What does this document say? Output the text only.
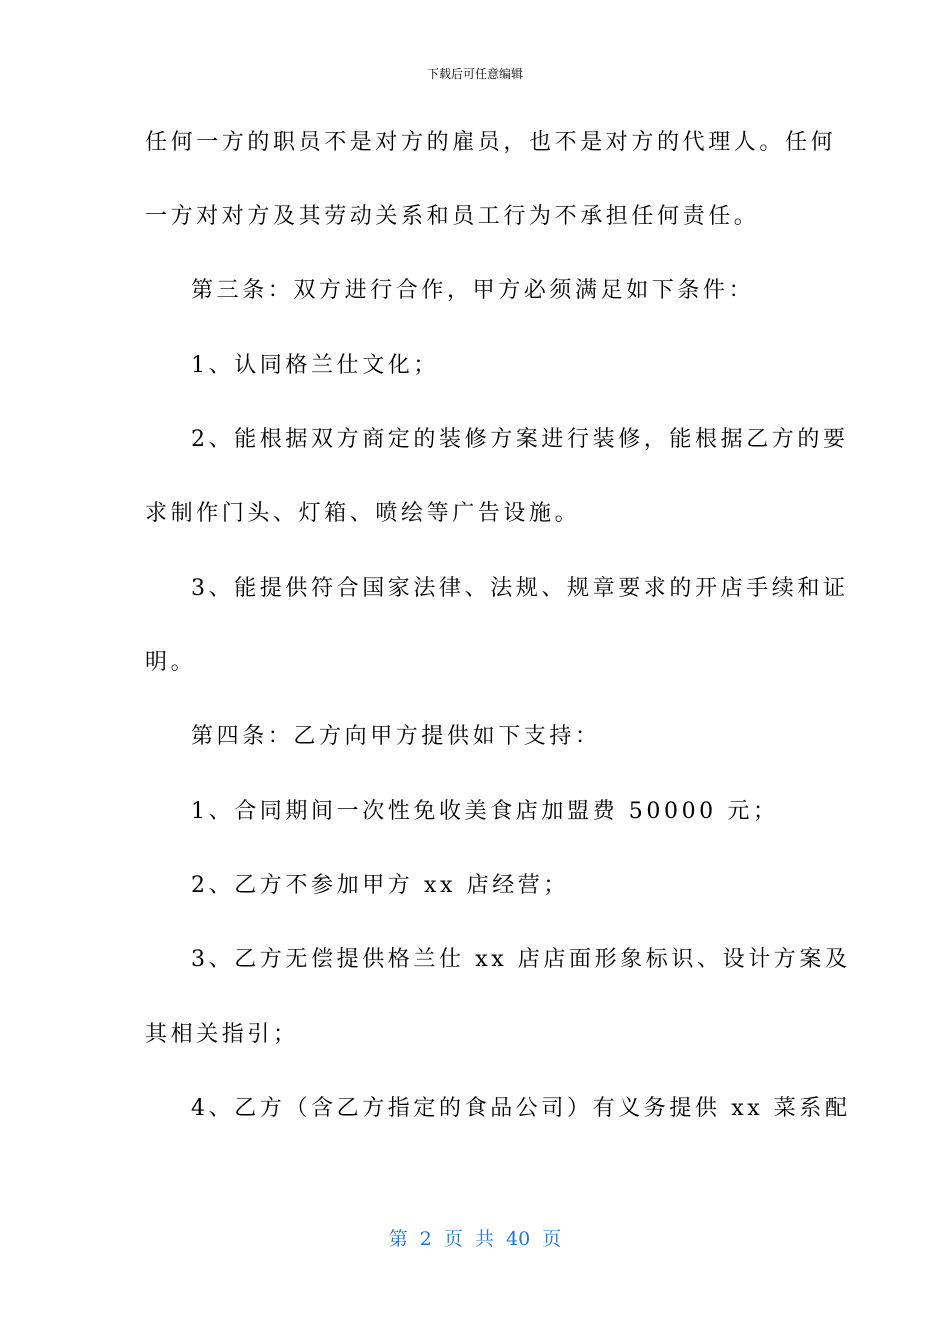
下载后可任意编辑
任何一方的职员不是对方的雇员，也不是对方的代理人。任何
一方对对方及其劳动关系和员工行为不承担任何责任。
第三条：双方进行合作，甲方必须满足如下条件：
1、认同格兰仕文化；
2、能根据双方商定的装修方案进行装修，能根据乙方的要
求制作门头、灯箱、喷绘等广告设施。
3、能提供符合国家法律、法规、规章要求的开店手续和证
明。
第四条：乙方向甲方提供如下支持：
1、合同期间一次性免收美食店加盟费 50000 元；
2、乙方不参加甲方 xx 店经营；
3、乙方无偿提供格兰仕 xx 店店面形象标识、设计方案及
其相关指引；
4、乙方（含乙方指定的食品公司）有义务提供 xx 菜系配
第 2 页 共 40 页
